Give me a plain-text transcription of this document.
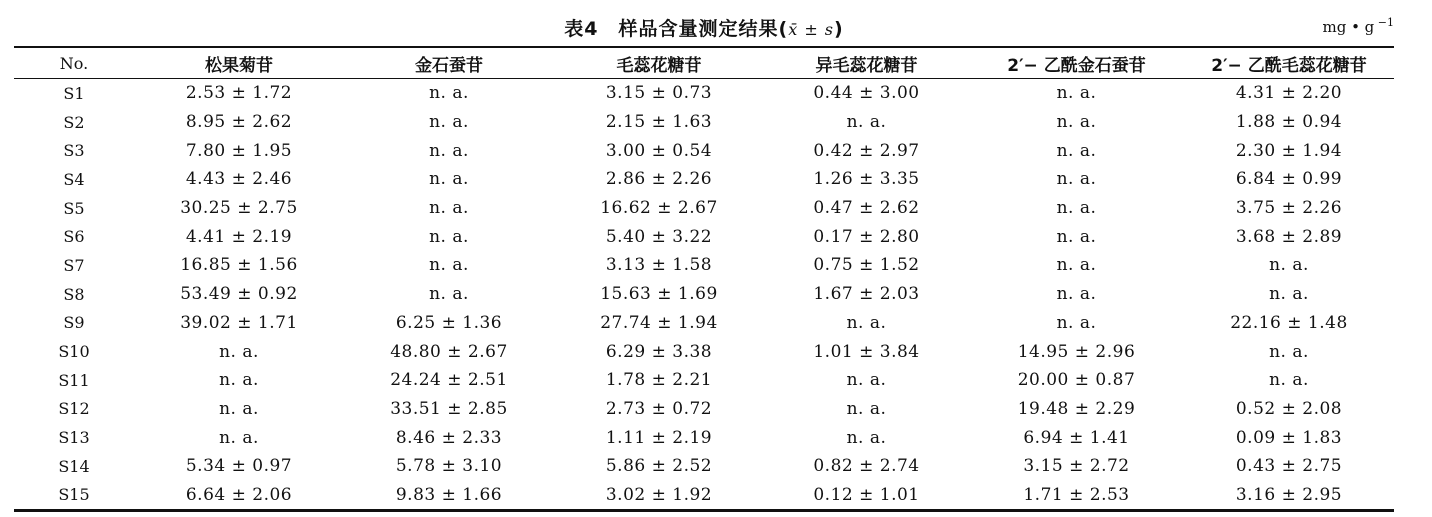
表4　样品含量测定结果(x̄ ± s)	mg • g $^{-1}$
No.	松果菊苷	金石蚕苷	毛蕊花糖苷	异毛蕊花糖苷	2′− 乙酰金石蚕苷	2′− 乙酰毛蕊花糖苷
S1	2.53 ± 1.72	n. a.	3.15 ± 0.73	0.44 ± 3.00	n. a.	4.31 ± 2.20
S2	8.95 ± 2.62	n. a.	2.15 ± 1.63	n. a.	n. a.	1.88 ± 0.94
S3	7.80 ± 1.95	n. a.	3.00 ± 0.54	0.42 ± 2.97	n. a.	2.30 ± 1.94
S4	4.43 ± 2.46	n. a.	2.86 ± 2.26	1.26 ± 3.35	n. a.	6.84 ± 0.99
S5	30.25 ± 2.75	n. a.	16.62 ± 2.67	0.47 ± 2.62	n. a.	3.75 ± 2.26
S6	4.41 ± 2.19	n. a.	5.40 ± 3.22	0.17 ± 2.80	n. a.	3.68 ± 2.89
S7	16.85 ± 1.56	n. a.	3.13 ± 1.58	0.75 ± 1.52	n. a.	n. a.
S8	53.49 ± 0.92	n. a.	15.63 ± 1.69	1.67 ± 2.03	n. a.	n. a.
S9	39.02 ± 1.71	6.25 ± 1.36	27.74 ± 1.94	n. a.	n. a.	22.16 ± 1.48
S10	n. a.	48.80 ± 2.67	6.29 ± 3.38	1.01 ± 3.84	14.95 ± 2.96	n. a.
S11	n. a.	24.24 ± 2.51	1.78 ± 2.21	n. a.	20.00 ± 0.87	n. a.
S12	n. a.	33.51 ± 2.85	2.73 ± 0.72	n. a.	19.48 ± 2.29	0.52 ± 2.08
S13	n. a.	8.46 ± 2.33	1.11 ± 2.19	n. a.	6.94 ± 1.41	0.09 ± 1.83
S14	5.34 ± 0.97	5.78 ± 3.10	5.86 ± 2.52	0.82 ± 2.74	3.15 ± 2.72	0.43 ± 2.75
S15	6.64 ± 2.06	9.83 ± 1.66	3.02 ± 1.92	0.12 ± 1.01	1.71 ± 2.53	3.16 ± 2.95
